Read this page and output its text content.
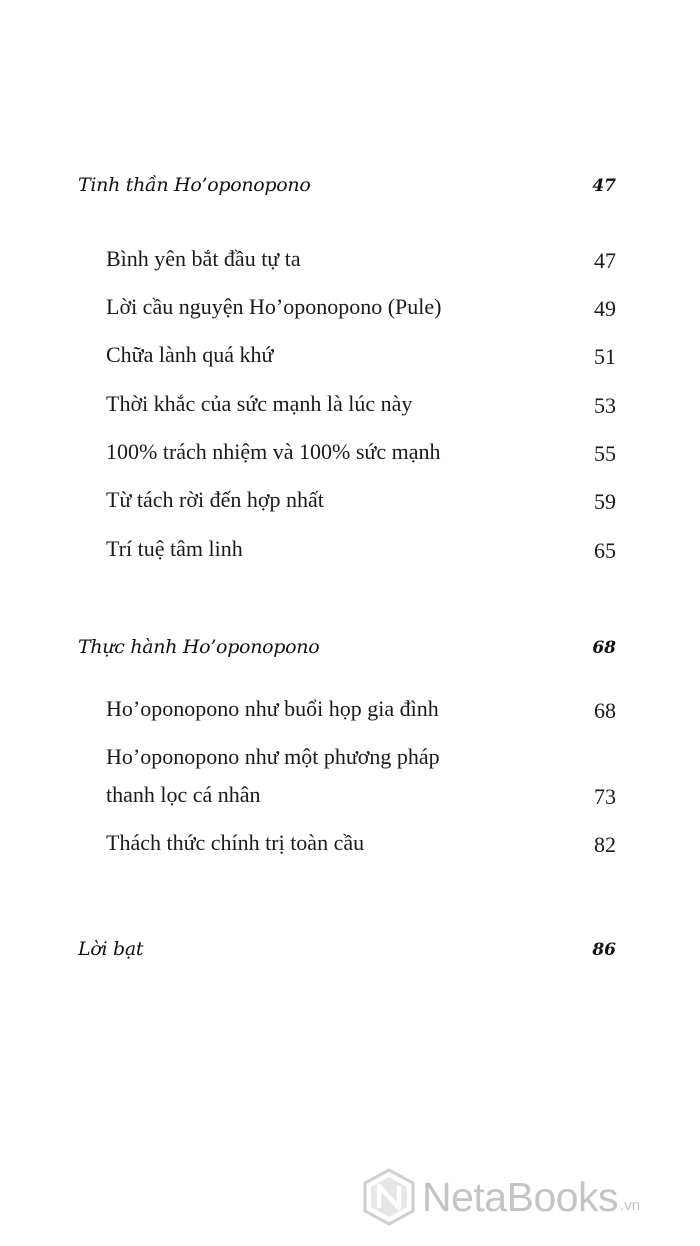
Tinh thần Ho’oponopono	47
Bình yên bắt đầu tự ta	47
Lời cầu nguyện Ho’oponopono (Pule)	49
Chữa lành quá khứ	51
Thời khắc của sức mạnh là lúc này	53
100% trách nhiệm và 100% sức mạnh	55
Từ tách rời đến hợp nhất	59
Trí tuệ tâm linh	65
Thực hành Ho’oponopono	68
Ho’oponopono như buổi họp gia đình	68
Ho’oponopono như một phương pháp
thanh lọc cá nhân	73
Thách thức chính trị toàn cầu	82
Lời bạt	86
NetaBooks .vn
